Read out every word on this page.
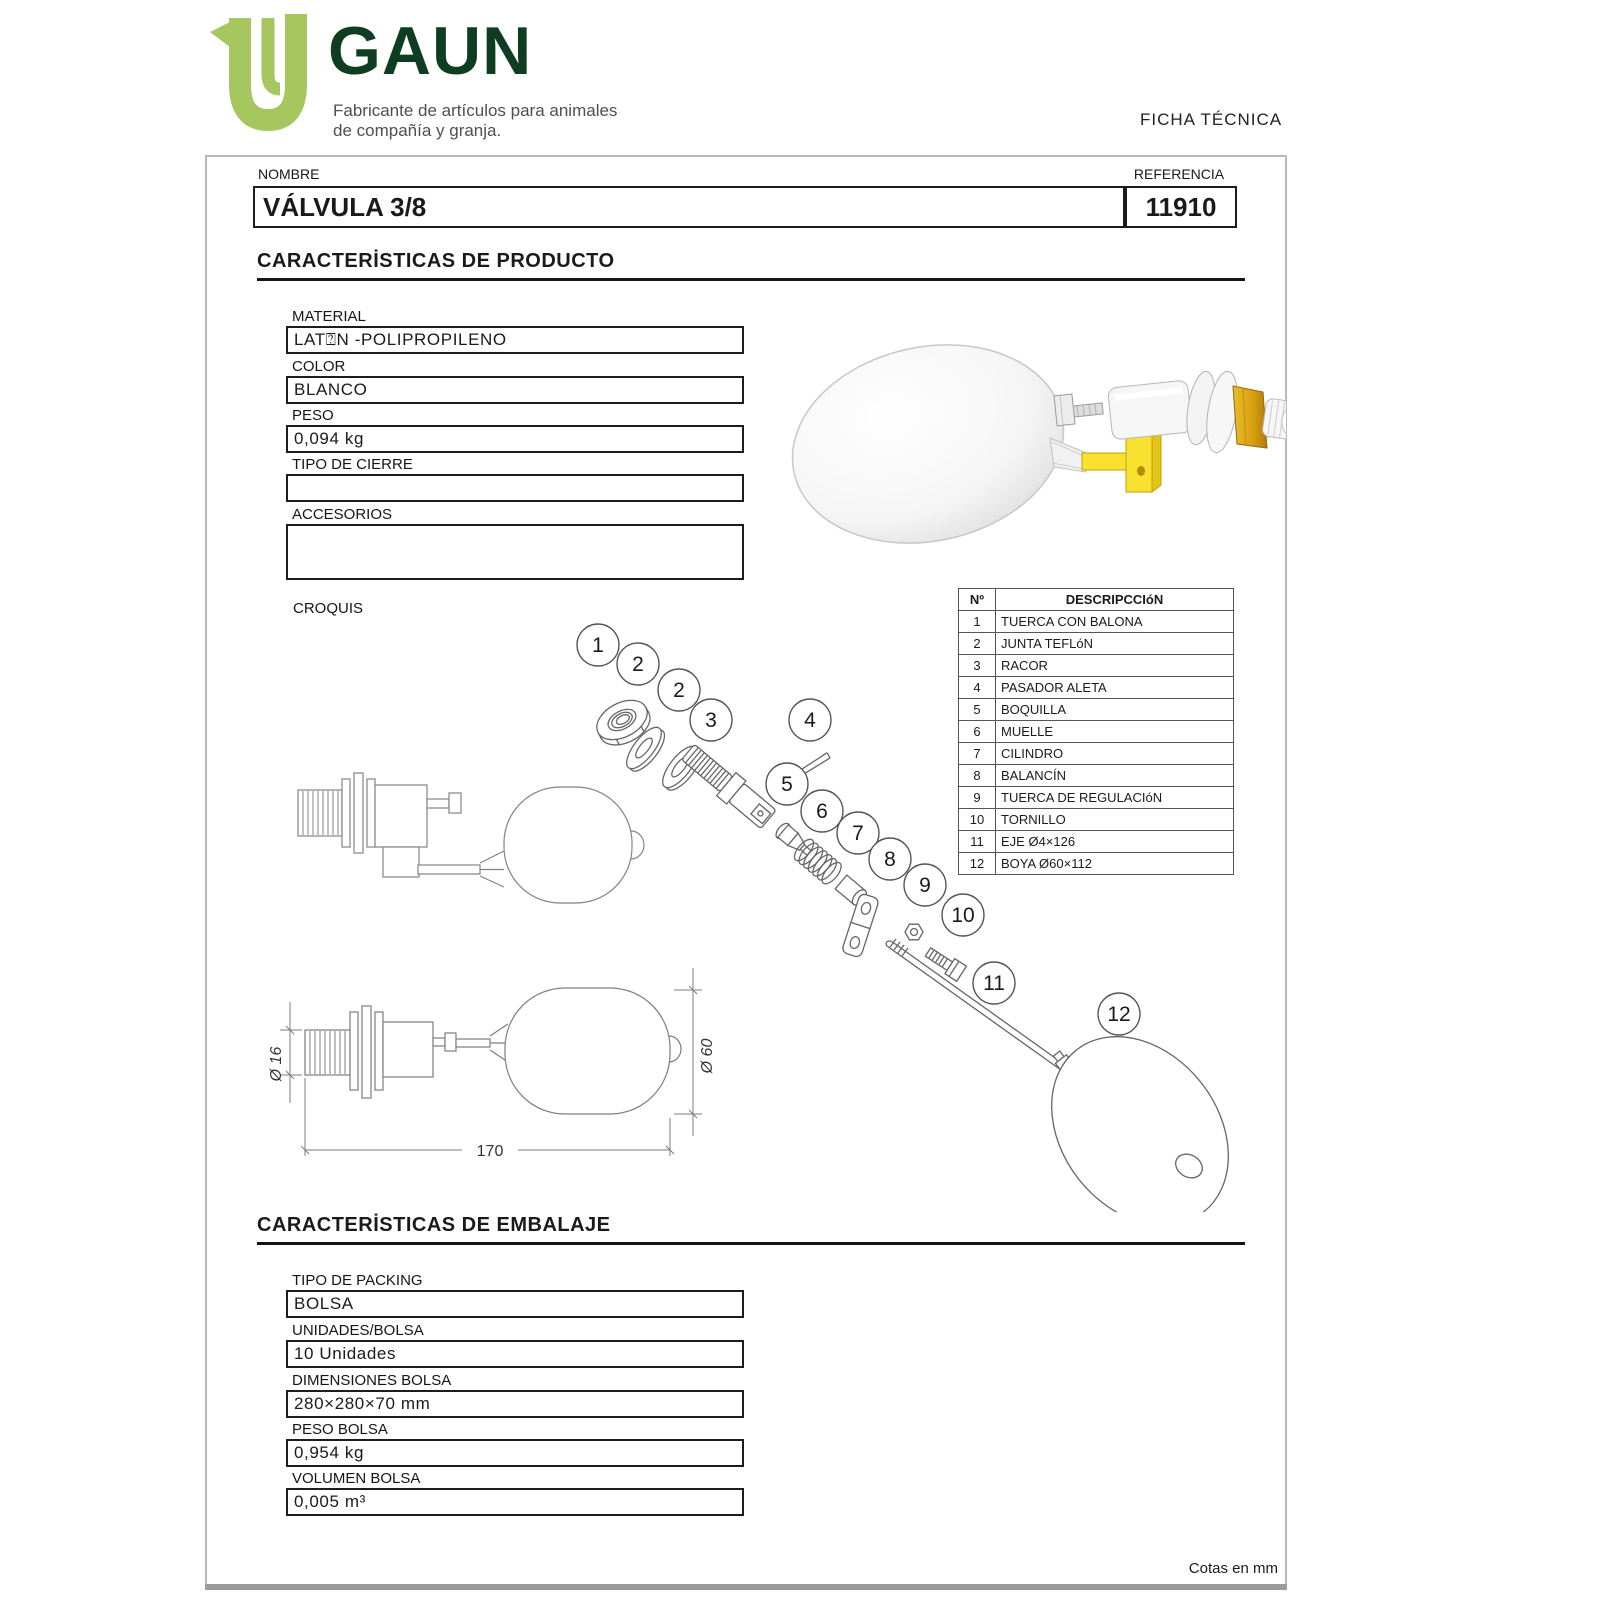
GAUN
Fabricante de artículos para animales
de compañía y granja.
FICHA TÉCNICA
NOMBRE
VÁLVULA 3/8
REFERENCIA
11910
CARACTERİSTICAS DE PRODUCTO
MATERIAL
LAT⍰N -POLIPROPILENO
COLOR
BLANCO
PESO
0,094 kg
TIPO DE CIERRE
ACCESORIOS
CROQUIS
1
2
2
3	4
5
6
7
8
9
10
11
12
Nº	DESCRIPCCIóN
1	TUERCA CON BALONA
2	JUNTA TEFLóN
3	RACOR
4	PASADOR ALETA
5	BOQUILLA
6	MUELLE
7	CILINDRO
8	BALANCÍN
9	TUERCA DE REGULACIóN
10	TORNILLO
11	EJE Ø4×126
12	BOYA Ø60×112
Ø 16	Ø 60
170
CARACTERİSTICAS DE EMBALAJE
TIPO DE PACKING
BOLSA
UNIDADES/BOLSA
10 Unidades
DIMENSIONES BOLSA
280×280×70 mm
PESO BOLSA
0,954 kg
VOLUMEN BOLSA
0,005 m³
Cotas en mm
